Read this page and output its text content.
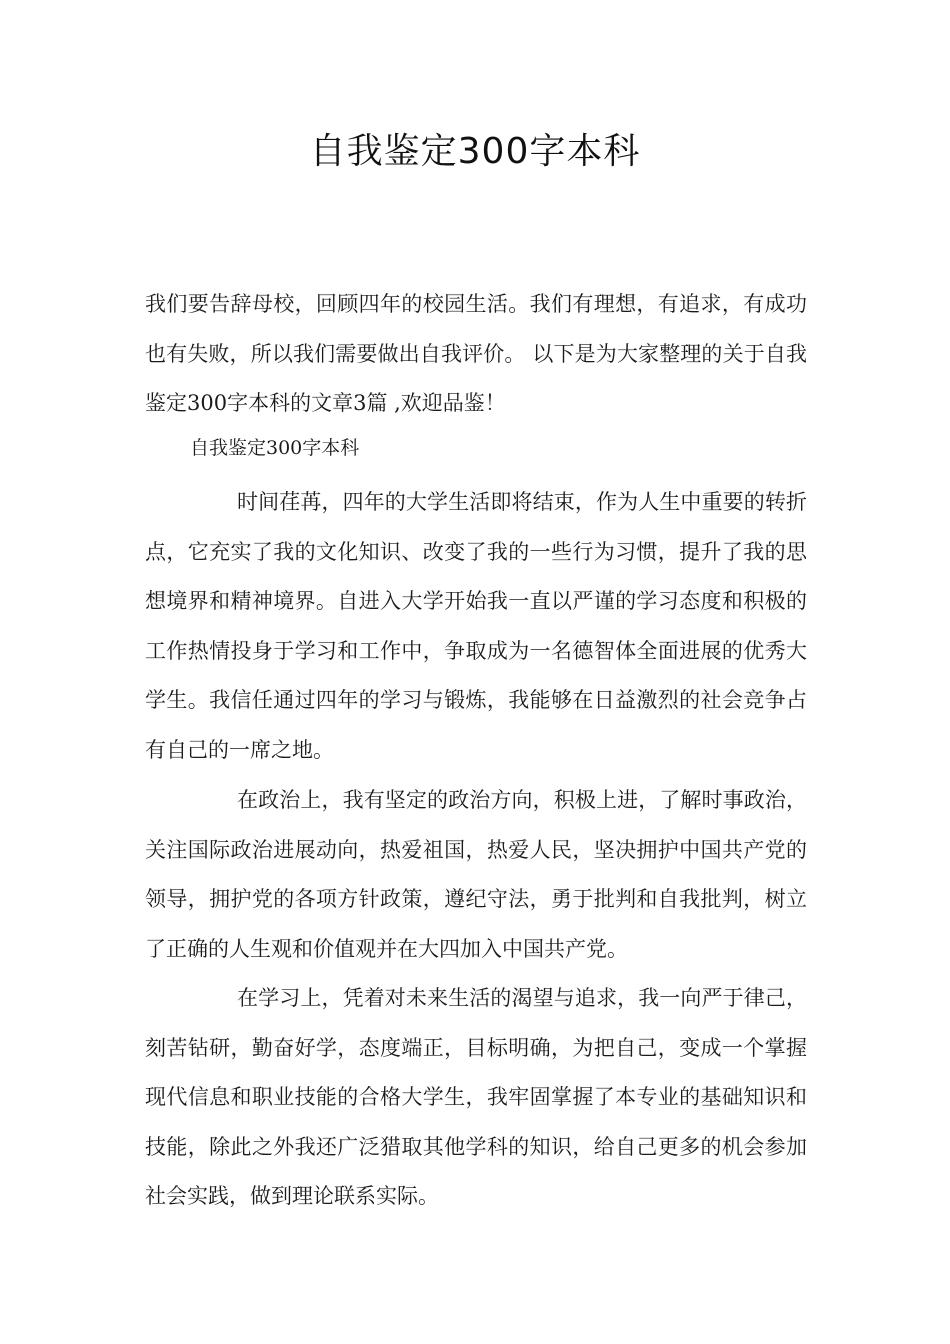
自我鉴定300字本科
我们要告辞母校，回顾四年的校园生活。我们有理想，有追求，有成功也有失败，所以我们需要做出自我评价。 以下是为大家整理的关于自我鉴定300字本科的文章3篇 ,欢迎品鉴！
自我鉴定300字本科
时间荏苒，四年的大学生活即将结束，作为人生中重要的转折点，它充实了我的文化知识、改变了我的一些行为习惯，提升了我的思想境界和精神境界。自进入大学开始我一直以严谨的学习态度和积极的工作热情投身于学习和工作中，争取成为一名德智体全面进展的优秀大学生。我信任通过四年的学习与锻炼，我能够在日益激烈的社会竞争占有自己的一席之地。
在政治上，我有坚定的政治方向，积极上进，了解时事政治，关注国际政治进展动向，热爱祖国，热爱人民，坚决拥护中国共产党的领导，拥护党的各项方针政策，遵纪守法，勇于批判和自我批判，树立了正确的人生观和价值观并在大四加入中国共产党。
在学习上，凭着对未来生活的渴望与追求，我一向严于律己，刻苦钻研，勤奋好学，态度端正，目标明确，为把自己，变成一个掌握现代信息和职业技能的合格大学生，我牢固掌握了本专业的基础知识和技能，除此之外我还广泛猎取其他学科的知识，给自己更多的机会参加社会实践，做到理论联系实际。
